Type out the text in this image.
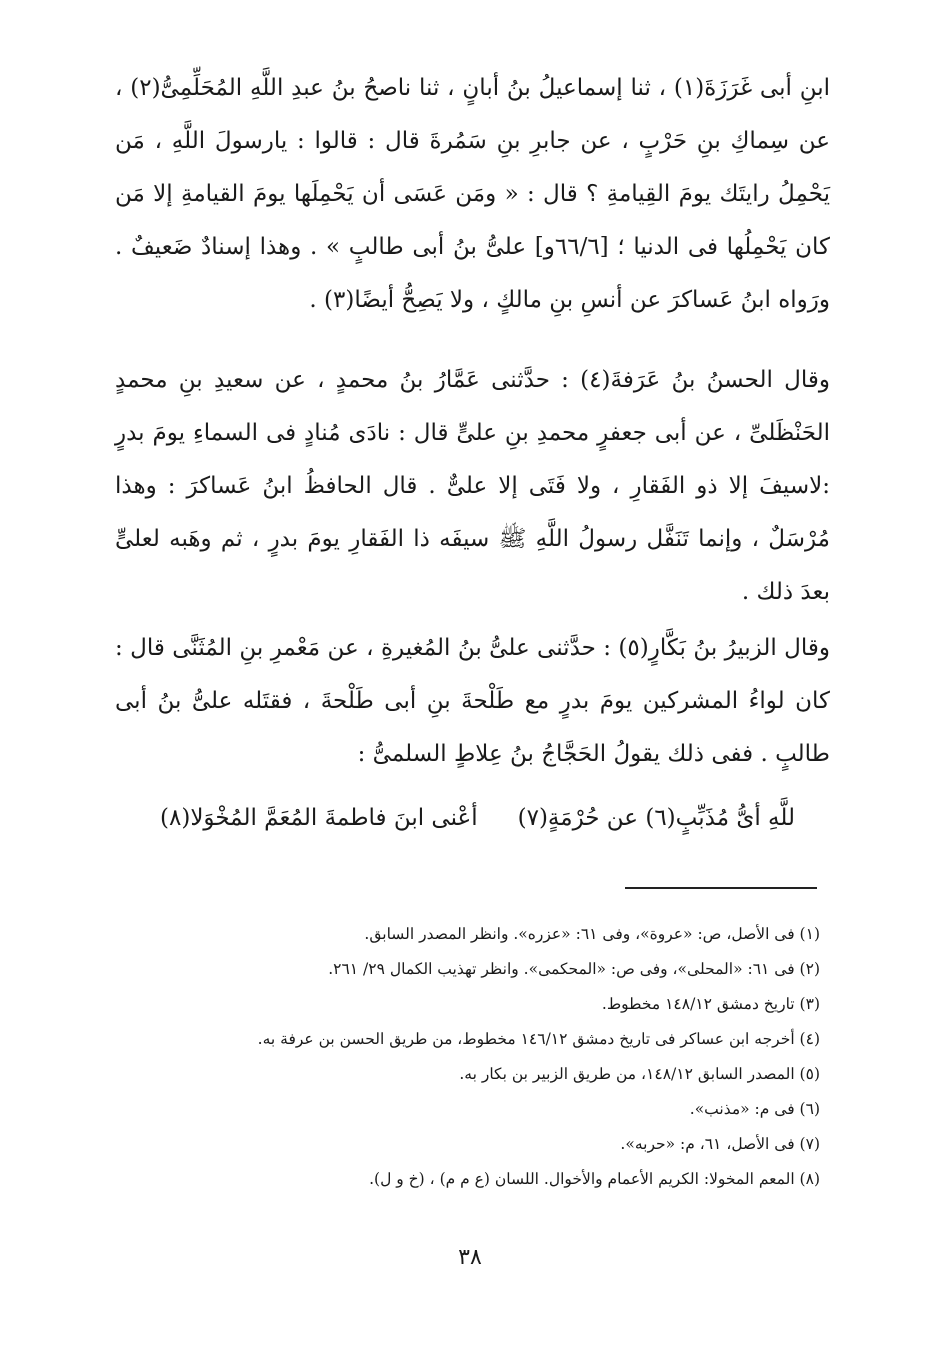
ابنِ أبى غَرَزَةَ(١) ، ثنا إسماعيلُ بنُ أبانٍ ، ثنا ناصحُ بنُ عبدِ اللَّهِ المُحَلِّمِىُّ(٢) ، عن سِماكِ بنِ حَرْبٍ ، عن جابرِ بنِ سَمُرةَ قال : قالوا : يارسولَ اللَّهِ ، مَن يَحْمِلُ رايتَك يومَ القِيامةِ ؟ قال : « ومَن عَسَى أن يَحْمِلَها يومَ القيامةِ إلا مَن كان يَحْمِلُها فى الدنيا ؛ [٦٦/٦و] علىُّ بنُ أبى طالبٍ » . وهذا إسنادٌ ضَعيفٌ . ورَواه ابنُ عَساكرَ عن أنسِ بنِ مالكٍ ، ولا يَصِحُّ أيضًا(٣) .

وقال الحسنُ بنُ عَرَفةَ(٤) : حدَّثنى عَمَّارُ بنُ محمدٍ ، عن سعيدِ بنِ محمدٍ الحَنْظَلىِّ ، عن أبى جعفرٍ محمدِ بنِ علىٍّ قال : نادَى مُنادٍ فى السماءِ يومَ بدرٍ :لاسيفَ إلا ذو الفَقارِ ، ولا فَتَى إلا علىٌّ . قال الحافظُ ابنُ عَساكرَ : وهذا مُرْسَلٌ ، وإنما تَنَفَّل رسولُ اللَّهِ ﷺ سيفَه ذا الفَقارِ يومَ بدرٍ ، ثم وهَبه لعلىٍّ بعدَ ذلك .

وقال الزبيرُ بنُ بَكَّارٍ(٥) : حدَّثنى علىُّ بنُ المُغيرةِ ، عن مَعْمرِ بنِ المُثَنَّى قال : كان لواءُ المشركين يومَ بدرٍ مع طَلْحةَ بنِ أبى طَلْحةَ ، فقتَله علىُّ بنُ أبى طالبٍ . ففى ذلك يقولُ الحَجَّاجُ بنُ عِلاطٍ السلمىُّ :

للَّهِ أىُّ مُذَبِّبٍ(٦) عن حُرْمَةٍ(٧)
أعْنى ابنَ فاطمةَ المُعَمَّ المُخْوَلا(٨)
(١) فى الأصل، ص: «عروة»، وفى ٦١: «عزره». وانظر المصدر السابق.
(٢) فى ٦١: «المحلى»، وفى ص: «المحكمى». وانظر تهذيب الكمال ٢٩/ ٢٦١.
(٣) تاريخ دمشق ١٤٨/١٢ مخطوط.
(٤) أخرجه ابن عساكر فى تاريخ دمشق ١٤٦/١٢ مخطوط، من طريق الحسن بن عرفة به.
(٥) المصدر السابق ١٤٨/١٢، من طريق الزبير بن بكار به.
(٦) فى م: «مذنب».
(٧) فى الأصل، ٦١، م: «حربه».
(٨) المعم المخولا: الكريم الأعمام والأخوال. اللسان (ع م م) ، (خ و ل).
٣٨
